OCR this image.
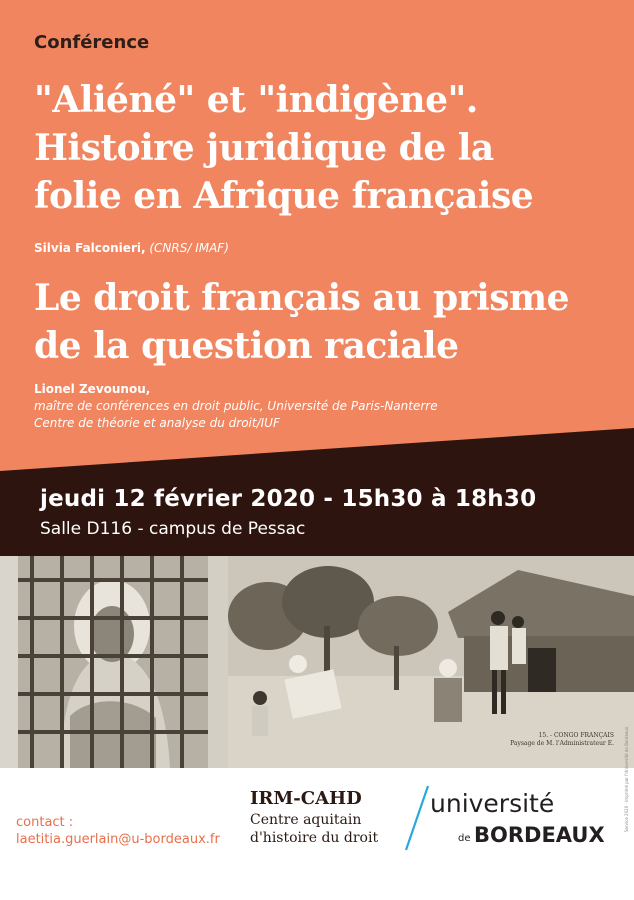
Conférence
"Aliéné" et "indigène".
Histoire juridique de la
folie en Afrique française
Silvia Falconieri, (CNRS/ IMAF)
Le droit français au prisme
de la question raciale
Lionel Zevounou,
maître de conférences en droit public, Université de Paris-Nanterre
Centre de théorie et analyse du droit/IUF
jeudi 12 février 2020 - 15h30 à 18h30
Salle D116 - campus de Pessac
15. - CONGO FRANÇAIS
Paysage de M. l'Administrateur E.
contact :
laetitia.guerlain@u-bordeaux.fr
IRM-CAHD
Centre aquitain
d'histoire du droit
université
de BORDEAUX
Service 2020 - Imprimé par l'Université de Bordeaux
